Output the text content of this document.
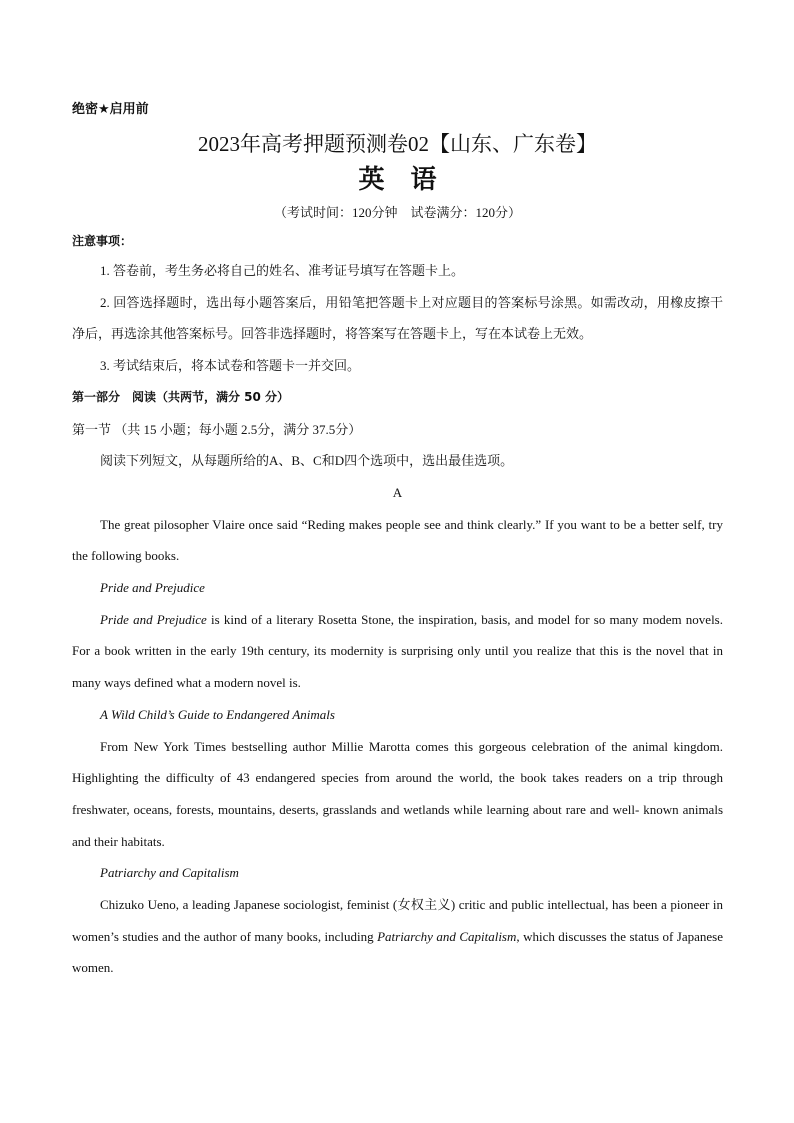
绝密★启用前
2023年高考押题预测卷02【山东、广东卷】
英 语
（考试时间：120分钟　试卷满分：120分）
注意事项：

1. 答卷前，考生务必将自己的姓名、准考证号填写在答题卡上。

2. 回答选择题时，选出每小题答案后，用铅笔把答题卡上对应题目的答案标号涂黑。如需改动，用橡皮擦干净后，再选涂其他答案标号。回答非选择题时，将答案写在答题卡上，写在本试卷上无效。

3. 考试结束后，将本试卷和答题卡一并交回。

第一部分　阅读（共两节，满分 50 分）

第一节 （共 15 小题；每小题 2.5分，满分 37.5分）

阅读下列短文，从每题所给的A、B、C和D四个选项中，选出最佳选项。

A

The great pilosopher Vlaire once said “Reding makes people see and think clearly.” If you want to be a better self, try the following books.

Pride and Prejudice

Pride and Prejudice is kind of a literary Rosetta Stone, the inspiration, basis, and model for so many modem novels. For a book written in the early 19th century, its modernity is surprising only until you realize that this is the novel that in many ways defined what a modern novel is.

A Wild Child’s Guide to Endangered Animals

From New York Times bestselling author Millie Marotta comes this gorgeous celebration of the animal kingdom. Highlighting the difficulty of 43 endangered species from around the world, the book takes readers on a trip through freshwater, oceans, forests, mountains, deserts, grasslands and wetlands while learning about rare and well- known animals and their habitats.

Patriarchy and Capitalism

Chizuko Ueno, a leading Japanese sociologist, feminist (女权主义) critic and public intellectual, has been a pioneer in women’s studies and the author of many books, including Patriarchy and Capitalism, which discusses the status of Japanese women.
